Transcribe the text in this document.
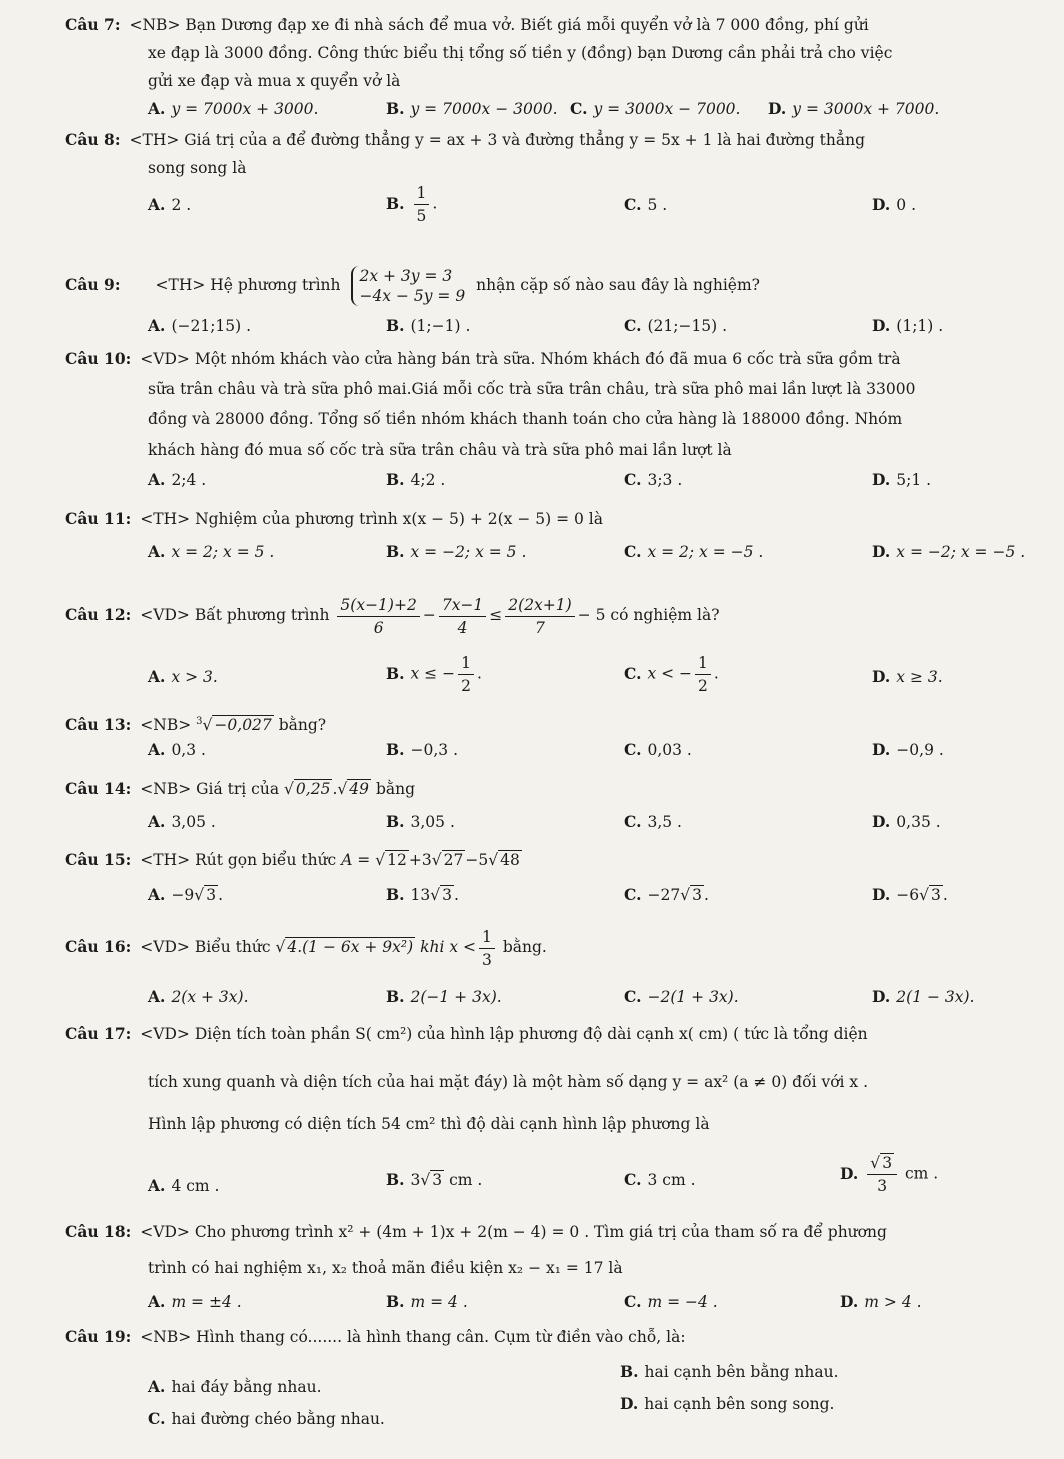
Câu 7: <NB> Bạn Dương đạp xe đi nhà sách để mua vở. Biết giá mỗi quyển vở là 7 000 đồng, phí gửi
xe đạp là 3000 đồng. Công thức biểu thị tổng số tiền y (đồng) bạn Dương cần phải trả cho việc
gửi xe đạp và mua x quyển vở là
A. y = 7000x + 3000.	B. y = 7000x − 3000. C. y = 3000x − 7000. D. y = 3000x + 7000.
Câu 8: <TH> Giá trị của a để đường thẳng y = ax + 3 và đường thẳng y = 5x + 1 là hai đường thẳng
song song là
A. 2 .	B. $\frac{1}{5}$ .	C. 5 .	D. 0 .
Câu 9: <TH> Hệ phương trình 2x + 3y = 3
−4x − 5y = 9
nhận cặp số nào sau đây là nghiệm?
A. (−21;15) .	B. (1;−1) .	C. (21;−15) .	D. (1;1) .
Câu 10: <VD> Một nhóm khách vào cửa hàng bán trà sữa. Nhóm khách đó đã mua 6 cốc trà sữa gồm trà
sữa trân châu và trà sữa phô mai.Giá mỗi cốc trà sữa trân châu, trà sữa phô mai lần lượt là 33000
đồng và 28000 đồng. Tổng số tiền nhóm khách thanh toán cho cửa hàng là 188000 đồng. Nhóm
khách hàng đó mua số cốc trà sữa trân châu và trà sữa phô mai lần lượt là
A. 2;4 .	B. 4;2 .	C. 3;3 .	D. 5;1 .
Câu 11: <TH> Nghiệm của phương trình x(x − 5) + 2(x − 5) = 0 là
A. x = 2; x = 5 .	B. x = −2; x = 5 .	C. x = 2; x = −5 .	D. x = −2; x = −5 .
Câu 12: <VD> Bất phương trình $\frac{5(x-1)+2}{6} - \frac{7x-1}{4} \le \frac{2(2x+1)}{7} - 5$ có nghiệm là?
A. x > 3.	B. x ≤ − $\frac{1}{2}$ .	C. x < − $\frac{1}{2}$ .	D. x ≥ 3.
Câu 13: <NB> $^3$√ −0,027 bằng?
A. 0,3 .	B. −0,3 .	C. 0,03 .	D. −0,9 .
Câu 14: <NB> Giá trị của √ 0,25 .√ 49 bằng
A. 3,05 .	B. 3,05 .	C. 3,5 .	D. 0,35 .
Câu 15: <TH> Rút gọn biểu thức A = √ 12 +3√ 27 −5√ 48
A. −9√ 3 .	B. 13√ 3 .	C. −27√ 3 .	D. −6√ 3 .
Câu 16: <VD> Biểu thức √ 4.(1 − 6x + 9x²) khi $x < \frac{1}{3}$ bằng.
A. 2(x + 3x).	B. 2(−1 + 3x).	C. −2(1 + 3x).	D. 2(1 − 3x).
Câu 17: <VD> Diện tích toàn phần S( cm²) của hình lập phương độ dài cạnh x( cm) ( tức là tổng diện
tích xung quanh và diện tích của hai mặt đáy) là một hàm số dạng y = ax² (a ≠ 0) đối với x .
Hình lập phương có diện tích 54 cm² thì độ dài cạnh hình lập phương là
A. 4 cm .	B. 3√ 3 cm .	C. 3 cm .	D. $\frac{√ 3}{3}$ cm .
Câu 18: <VD> Cho phương trình x² + (4m + 1)x + 2(m − 4) = 0 . Tìm giá trị của tham số ra để phương
trình có hai nghiệm x₁, x₂ thoả mãn điều kiện x₂ − x₁ = 17 là
A. m = ±4 .	B. m = 4 .	C. m = −4 .	D. m > 4 .
Câu 19: <NB> Hình thang có....... là hình thang cân. Cụm từ điền vào chỗ, là:
A. hai đáy bằng nhau.
B. hai cạnh bên bằng nhau.
C. hai đường chéo bằng nhau.
D. hai cạnh bên song song.
